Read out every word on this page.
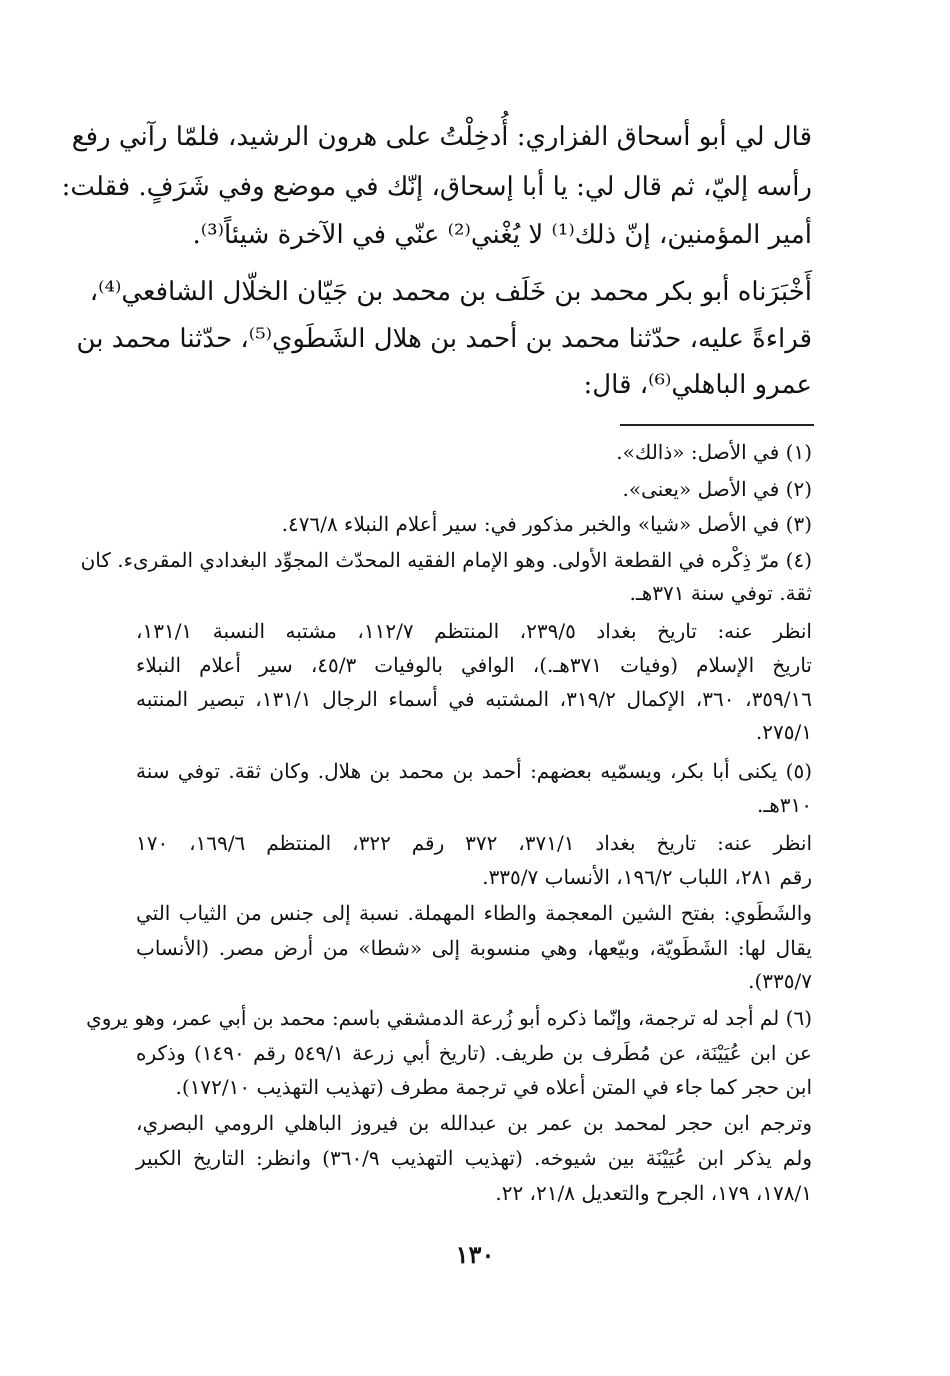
قال لي أبو أسحاق الفزاري: أُدخِلْتُ على هرون الرشيد، فلمّا رآني رفع
رأسه إليّ، ثم قال لي: يا أبا إسحاق، إنّك في موضع وفي شَرَفٍ. فقلت:
أمير المؤمنين، إنّ ذلك⁽¹⁾ لا يُغْني⁽²⁾ عنّي في الآخرة شيئاً⁽³⁾.
أَخْبَرَناه أبو بكر محمد بن خَلَف بن محمد بن جَيّان الخلّال الشافعي⁽⁴⁾،
قراءةً عليه، حدّثنا محمد بن أحمد بن هلال الشَطَوي⁽⁵⁾، حدّثنا محمد بن
عمرو الباهلي⁽⁶⁾، قال:
(١) في الأصل: «ذالك».
(٢) في الأصل «يعنى».
(٣) في الأصل «شيا» والخبر مذكور في: سير أعلام النبلاء ٤٧٦/٨.
(٤) مرّ ذِكْره في القطعة الأولى. وهو الإمام الفقيه المحدّث المجوِّد البغدادي المقرىء. كان
ثقة. توفي سنة ٣٧١هـ.
انظر عنه: تاريخ بغداد ٢٣٩/٥، المنتظم ١١٢/٧، مشتبه النسبة ١٣١/١،
تاريخ الإسلام (وفيات ٣٧١هـ.)، الوافي بالوفيات ٤٥/٣، سير أعلام النبلاء
٣٥٩/١٦، ٣٦٠، الإكمال ٣١٩/٢، المشتبه في أسماء الرجال ١٣١/١، تبصير المنتبه
٢٧٥/١.
(٥) يكنى أبا بكر، ويسمّيه بعضهم: أحمد بن محمد بن هلال. وكان ثقة. توفي سنة
٣١٠هـ.
انظر عنه: تاريخ بغداد ٣٧١/١، ٣٧٢ رقم ٣٢٢، المنتظم ١٦٩/٦، ١٧٠
رقم ٢٨١، اللباب ١٩٦/٢، الأنساب ٣٣٥/٧.
والشَطَوي: بفتح الشين المعجمة والطاء المهملة. نسبة إلى جنس من الثياب التي
يقال لها: الشَطَويّة، وبيّعها، وهي منسوبة إلى «شطا» من أرض مصر. (الأنساب
٣٣٥/٧).
(٦) لم أجد له ترجمة، وإنّما ذكره أبو زُرعة الدمشقي باسم: محمد بن أبي عمر، وهو يروي
عن ابن عُيَيْنَة، عن مُطَرف بن طريف. (تاريخ أبي زرعة ٥٤٩/١ رقم ١٤٩٠) وذكره
ابن حجر كما جاء في المتن أعلاه في ترجمة مطرف (تهذيب التهذيب ١٧٢/١٠).
وترجم ابن حجر لمحمد بن عمر بن عبدالله بن فيروز الباهلي الرومي البصري،
ولم يذكر ابن عُيَيْنَة بين شيوخه. (تهذيب التهذيب ٣٦٠/٩) وانظر: التاريخ الكبير
١٧٨/١، ١٧٩، الجرح والتعديل ٢١/٨، ٢٢.
١٣٠
